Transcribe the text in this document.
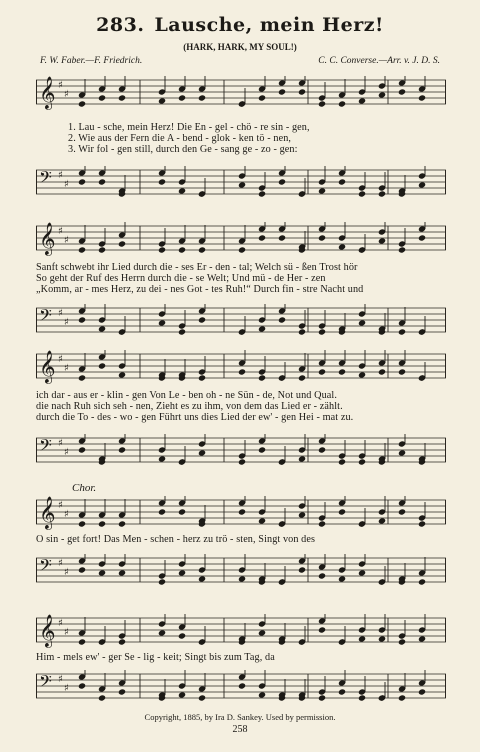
283. Lausche, mein Herz!
(HARK, HARK, MY SOUL!)
F. W. Faber.—F. Friedrich.	C. C. Converse.—Arr. v. J. D. S.
𝄞 ♯
♯
1. Lau - sche, mein Herz! Die En - gel - chö - re sin - gen,
2. Wie aus der Fern die A - bend - glok - ken tö - nen,
3. Wir fol - gen still, durch den Ge - sang ge - zo - gen:
𝄢 ♯
♯
𝄞 ♯
♯
Sanft schwebt ihr Lied durch die - ses Er - den - tal; Welch sü - ßen Trost hör
So geht der Ruf des Herrn durch die - se Welt; Und mü - de Her - zen
„Komm, ar - mes Herz, zu dei - nes Got - tes Ruh!“ Durch fin - stre Nacht und
𝄢 ♯
♯
𝄞 ♯
♯
ich dar - aus er - klin - gen Von Le - ben oh - ne Sün - de, Not und Qual.
die nach Ruh sich seh - nen, Zieht es zu ihm, von dem das Lied er - zählt.
durch die To - des - wo - gen Führt uns dies Lied der ew' - gen Hei - mat zu.
𝄢 ♯
♯
Chor.
𝄞 ♯
♯
O sin - get fort! Das Men - schen - herz zu trö - sten, Singt von des
𝄢 ♯
♯
𝄞 ♯
♯
Him - mels ew' - ger Se - lig - keit; Singt bis zum Tag, da
𝄢 ♯
♯
Copyright, 1885, by Ira D. Sankey. Used by permission.
258
